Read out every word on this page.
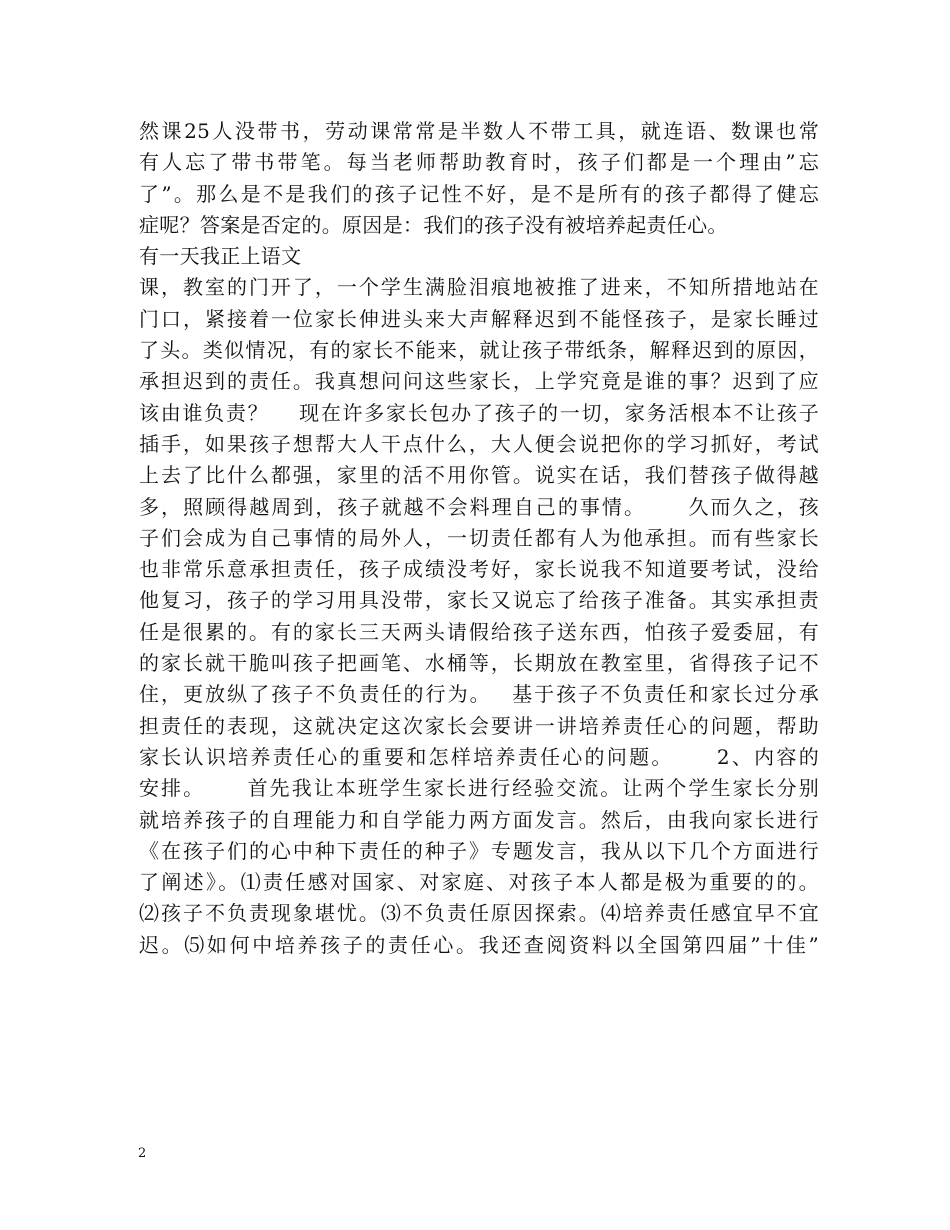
然课25人没带书，劳动课常常是半数人不带工具，就连语、数课也常
有人忘了带书带笔。每当老师帮助教育时，孩子们都是一个理由”忘
了”。那么是不是我们的孩子记性不好，是不是所有的孩子都得了健忘
症呢？答案是否定的。原因是：我们的孩子没有被培养起责任心。
有一天我正上语文
课，教室的门开了，一个学生满脸泪痕地被推了进来，不知所措地站在
门口，紧接着一位家长伸进头来大声解释迟到不能怪孩子，是家长睡过
了头。类似情况，有的家长不能来，就让孩子带纸条，解释迟到的原因，
承担迟到的责任。我真想问问这些家长，上学究竟是谁的事？迟到了应
该由谁负责？　 现在许多家长包办了孩子的一切，家务活根本不让孩子
插手，如果孩子想帮大人干点什么，大人便会说把你的学习抓好，考试
上去了比什么都强，家里的活不用你管。说实在话，我们替孩子做得越
多，照顾得越周到，孩子就越不会料理自己的事情。　　 久而久之，孩
子们会成为自己事情的局外人，一切责任都有人为他承担。而有些家长
也非常乐意承担责任，孩子成绩没考好，家长说我不知道要考试，没给
他复习，孩子的学习用具没带，家长又说忘了给孩子准备。其实承担责
任是很累的。有的家长三天两头请假给孩子送东西，怕孩子爱委屈，有
的家长就干脆叫孩子把画笔、水桶等，长期放在教室里，省得孩子记不
住，更放纵了孩子不负责任的行为。　 基于孩子不负责任和家长过分承
担责任的表现，这就决定这次家长会要讲一讲培养责任心的问题，帮助
家长认识培养责任心的重要和怎样培养责任心的问题。　　 2、内容的
安排。　　 首先我让本班学生家长进行经验交流。让两个学生家长分别
就培养孩子的自理能力和自学能力两方面发言。然后，由我向家长进行
《在孩子们的心中种下责任的种子》专题发言，我从以下几个方面进行
了阐述》。⑴责任感对国家、对家庭、对孩子本人都是极为重要的的。
⑵孩子不负责现象堪忧。⑶不负责任原因探索。⑷培养责任感宜早不宜
迟。⑸如何中培养孩子的责任心。我还查阅资料以全国第四届”十佳”
2
